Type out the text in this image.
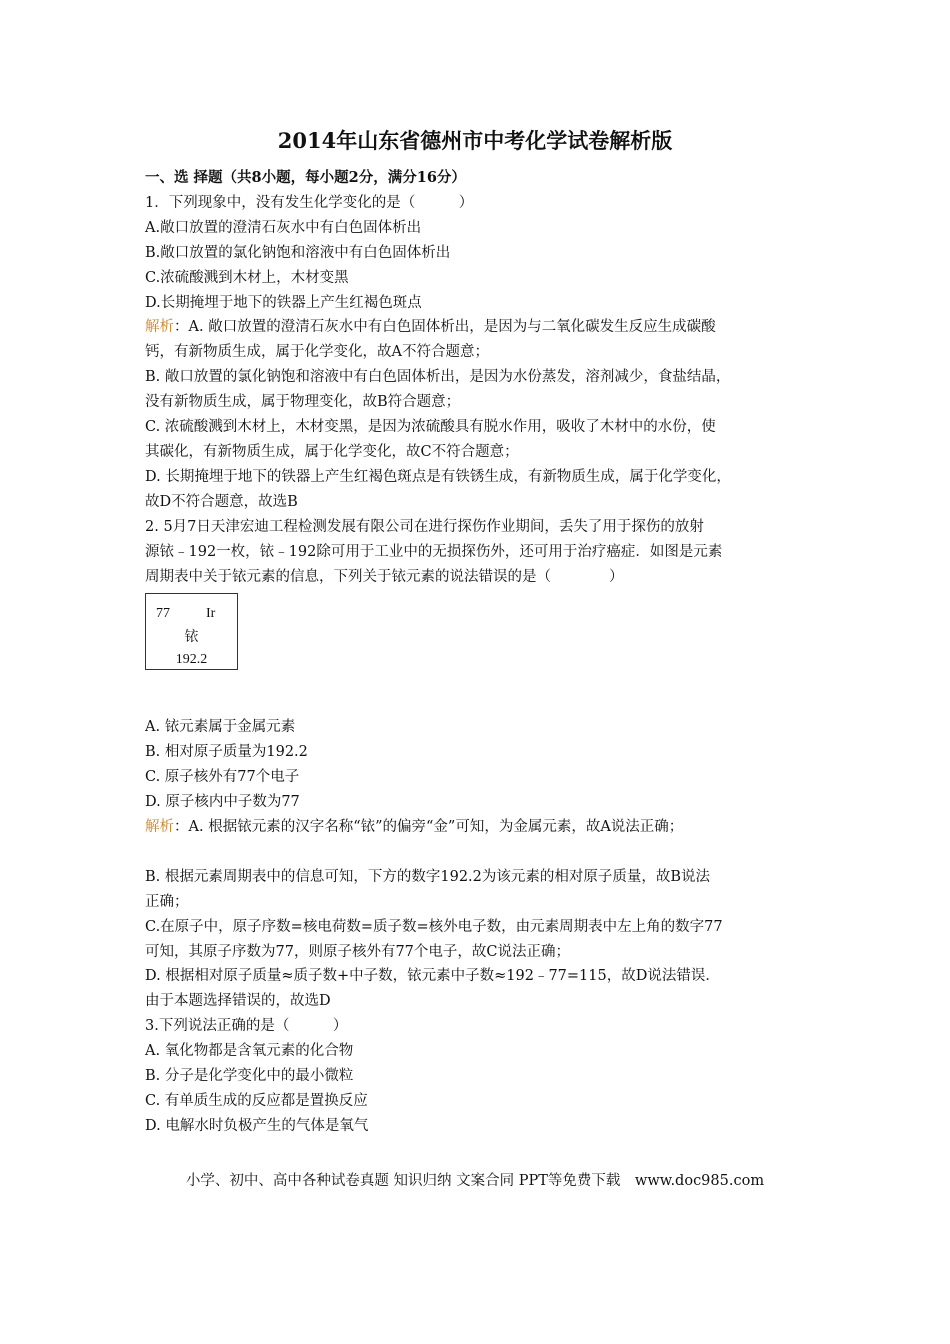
2014年山东省德州市中考化学试卷解析版
一、选 择题（共8小题，每小题2分，满分16分）
1．下列现象中，没有发生化学变化的是（　　　）
A.敞口放置的澄清石灰水中有白色固体析出
B.敞口放置的氯化钠饱和溶液中有白色固体析出
C.浓硫酸溅到木材上，木材变黑
D.长期掩埋于地下的铁器上产生红褐色斑点
解析：A. 敞口放置的澄清石灰水中有白色固体析出，是因为与二氧化碳发生反应生成碳酸
钙，有新物质生成，属于化学变化，故A不符合题意；
B. 敞口放置的氯化钠饱和溶液中有白色固体析出，是因为水份蒸发，溶剂减少，食盐结晶，
没有新物质生成，属于物理变化，故B符合题意；
C. 浓硫酸溅到木材上，木材变黑，是因为浓硫酸具有脱水作用，吸收了木材中的水份，使
其碳化，有新物质生成，属于化学变化，故C不符合题意；
D. 长期掩埋于地下的铁器上产生红褐色斑点是有铁锈生成，有新物质生成，属于化学变化，
故D不符合题意，故选B
2. 5月7日天津宏迪工程检测发展有限公司在进行探伤作业期间，丢失了用于探伤的放射
源铱﹣192一枚，铱﹣192除可用于工业中的无损探伤外，还可用于治疗癌症．如图是元素
周期表中关于铱元素的信息，下列关于铱元素的说法错误的是（　　　　）
77	Ir
铱
192.2
A. 铱元素属于金属元素
B. 相对原子质量为192.2
C. 原子核外有77个电子
D. 原子核内中子数为77
解析：A. 根据铱元素的汉字名称“铱”的偏旁“金”可知，为金属元素，故A说法正确；
B. 根据元素周期表中的信息可知，下方的数字192.2为该元素的相对原子质量，故B说法
正确；
C.在原子中，原子序数=核电荷数=质子数=核外电子数，由元素周期表中左上角的数字77
可知，其原子序数为77，则原子核外有77个电子，故C说法正确；
D. 根据相对原子质量≈质子数+中子数，铱元素中子数≈192﹣77=115，故D说法错误．
由于本题选择错误的，故选D
3.下列说法正确的是（　　　）
A. 氧化物都是含氧元素的化合物
B. 分子是化学变化中的最小微粒
C. 有单质生成的反应都是置换反应
D. 电解水时负极产生的气体是氧气
小学、初中、高中各种试卷真题 知识归纳 文案合同 PPT等免费下载　www.doc985.com
